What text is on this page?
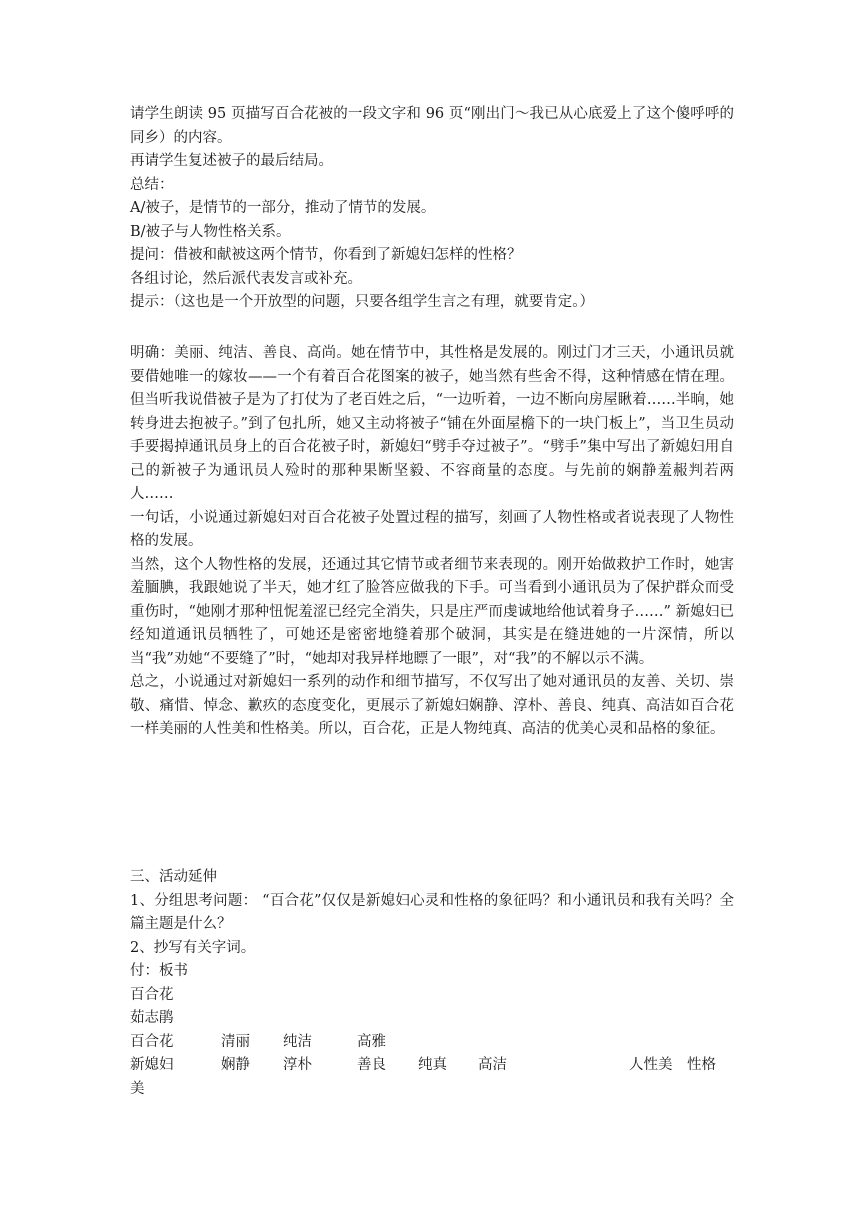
请学生朗读 95 页描写百合花被的一段文字和 96 页“刚出门～我已从心底爱上了这个傻呼呼的同乡）的内容。

再请学生复述被子的最后结局。

总结：

A/被子，是情节的一部分，推动了情节的发展。

B/被子与人物性格关系。

提问：借被和献被这两个情节，你看到了新媳妇怎样的性格？

各组讨论，然后派代表发言或补充。

提示：（这也是一个开放型的问题，只要各组学生言之有理，就要肯定。）

明确：美丽、纯洁、善良、高尚。她在情节中，其性格是发展的。刚过门才三天，小通讯员就要借她唯一的嫁妆——一个有着百合花图案的被子，她当然有些舍不得，这种情感在情在理。但当听我说借被子是为了打仗为了老百姓之后，“一边听着，一边不断向房屋瞅着……半晌，她转身进去抱被子。”到了包扎所，她又主动将被子“铺在外面屋檐下的一块门板上”，当卫生员动手要揭掉通讯员身上的百合花被子时，新媳妇“劈手夺过被子”。“劈手”集中写出了新媳妇用自己的新被子为通讯员人殓时的那种果断坚毅、不容商量的态度。与先前的娴静羞赧判若两人……

一句话，小说通过新媳妇对百合花被子处置过程的描写，刻画了人物性格或者说表现了人物性格的发展。

当然，这个人物性格的发展，还通过其它情节或者细节来表现的。刚开始做救护工作时，她害羞腼腆，我跟她说了半天，她才红了脸答应做我的下手。可当看到小通讯员为了保护群众而受重伤时，“她刚才那种忸怩羞涩已经完全消失，只是庄严而虔诚地给他试着身子……” 新媳妇已经知道通讯员牺牲了，可她还是密密地缝着那个破洞，其实是在缝进她的一片深情，所以当“我”劝她“不要缝了”时，“她却对我异样地瞟了一眼”，对“我”的不解以示不满。

总之，小说通过对新媳妇一系列的动作和细节描写，不仅写出了她对通讯员的友善、关切、崇敬、痛惜、悼念、歉疚的态度变化，更展示了新媳妇娴静、淳朴、善良、纯真、高洁如百合花一样美丽的人性美和性格美。所以，百合花，正是人物纯真、高洁的优美心灵和品格的象征。

三、活动延伸

1、分组思考问题： “百合花”仅仅是新媳妇心灵和性格的象征吗？和小通讯员和我有关吗？全篇主题是什么？

2、抄写有关字词。

付：板书

百合花

茹志鹃

百合花	清丽	纯洁	高雅
新媳妇	娴静	淳朴	善良	纯真	高洁	人性美	性格

美
